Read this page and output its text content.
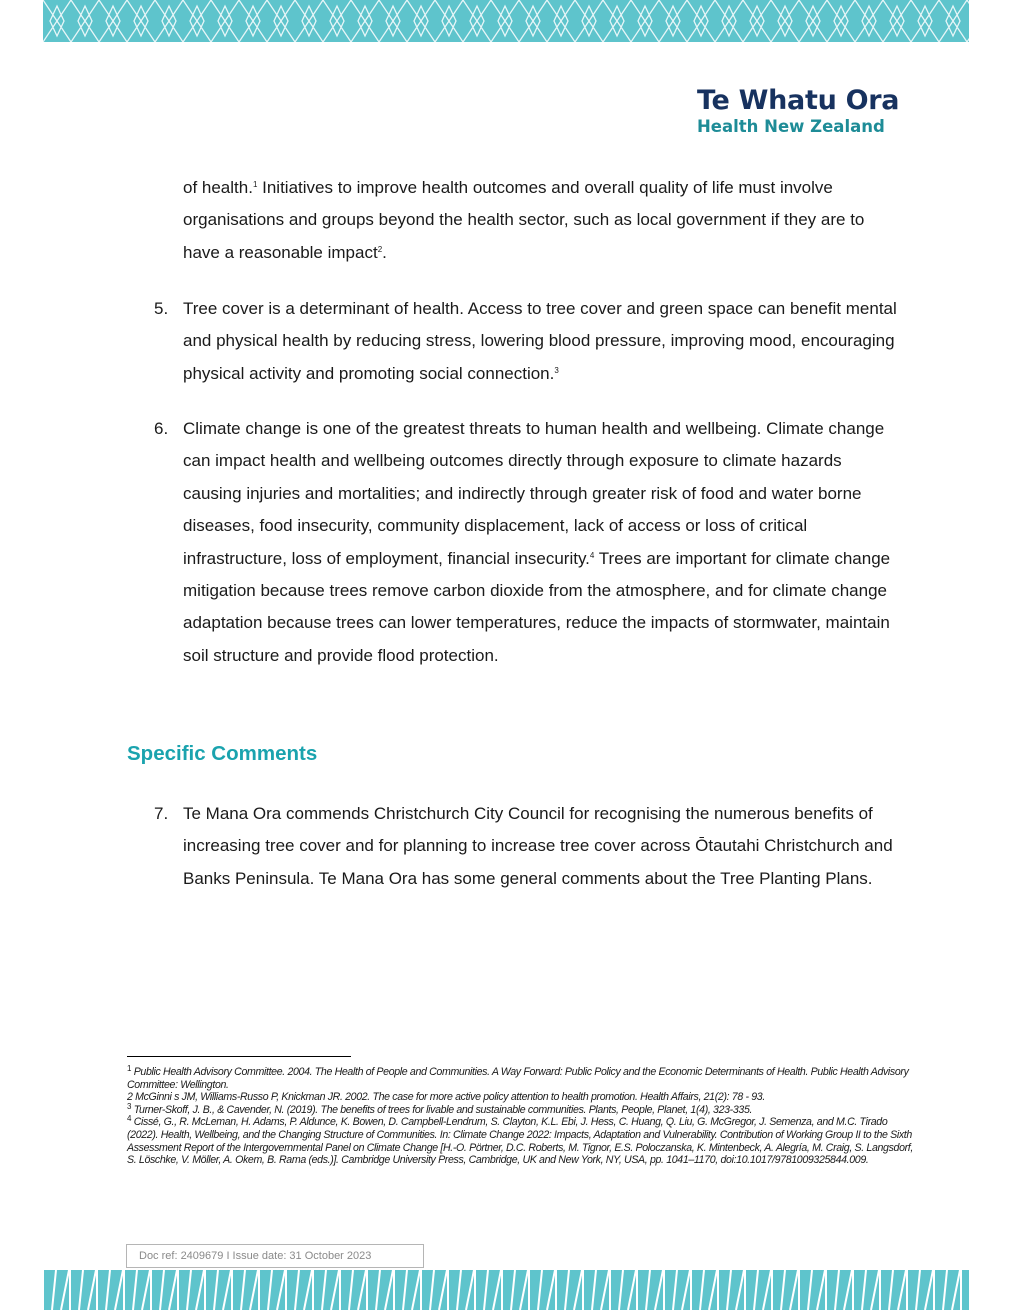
Te Whatu Ora
Health New Zealand

of health.$^1$ Initiatives to improve health outcomes and overall quality of life must involve organisations and groups beyond the health sector, such as local government if they are to have a reasonable impact$^2$.

5. Tree cover is a determinant of health. Access to tree cover and green space can benefit mental and physical health by reducing stress, lowering blood pressure, improving mood, encouraging physical activity and promoting social connection.$^3$

6. Climate change is one of the greatest threats to human health and wellbeing. Climate change can impact health and wellbeing outcomes directly through exposure to climate hazards causing injuries and mortalities; and indirectly through greater risk of food and water borne diseases, food insecurity, community displacement, lack of access or loss of critical infrastructure, loss of employment, financial insecurity.$^4$ Trees are important for climate change mitigation because trees remove carbon dioxide from the atmosphere, and for climate change adaptation because trees can lower temperatures, reduce the impacts of stormwater, maintain soil structure and provide flood protection.

Specific Comments
7. Te Mana Ora commends Christchurch City Council for recognising the numerous benefits of increasing tree cover and for planning to increase tree cover across Ōtautahi Christchurch and Banks Peninsula. Te Mana Ora has some general comments about the Tree Planting Plans.

$^1$ Public Health Advisory Committee. 2004. The Health of People and Communities. A Way Forward: Public Policy and the Economic Determinants of Health. Public Health Advisory Committee: Wellington.

2 McGinni s JM, Williams-Russo P, Knickman JR. 2002. The case for more active policy attention to health promotion. Health Affairs, 21(2): 78 - 93.

$^3$ Turner-Skoff, J. B., & Cavender, N. (2019). The benefits of trees for livable and sustainable communities. Plants, People, Planet, 1(4), 323-335.

$^4$ Cissé, G., R. McLeman, H. Adams, P. Aldunce, K. Bowen, D. Campbell-Lendrum, S. Clayton, K.L. Ebi, J. Hess, C. Huang, Q. Liu, G. McGregor, J. Semenza, and M.C. Tirado (2022). Health, Wellbeing, and the Changing Structure of Communities. In: Climate Change 2022: Impacts, Adaptation and Vulnerability. Contribution of Working Group II to the Sixth Assessment Report of the Intergovernmental Panel on Climate Change [H.-O. Pörtner, D.C. Roberts, M. Tignor, E.S. Poloczanska, K. Mintenbeck, A. Alegría, M. Craig, S. Langsdorf, S. Löschke, V. Möller, A. Okem, B. Rama (eds.)]. Cambridge University Press, Cambridge, UK and New York, NY, USA, pp. 1041–1170, doi:10.1017/9781009325844.009.

Doc ref: 2409679 I Issue date: 31 October 2023
